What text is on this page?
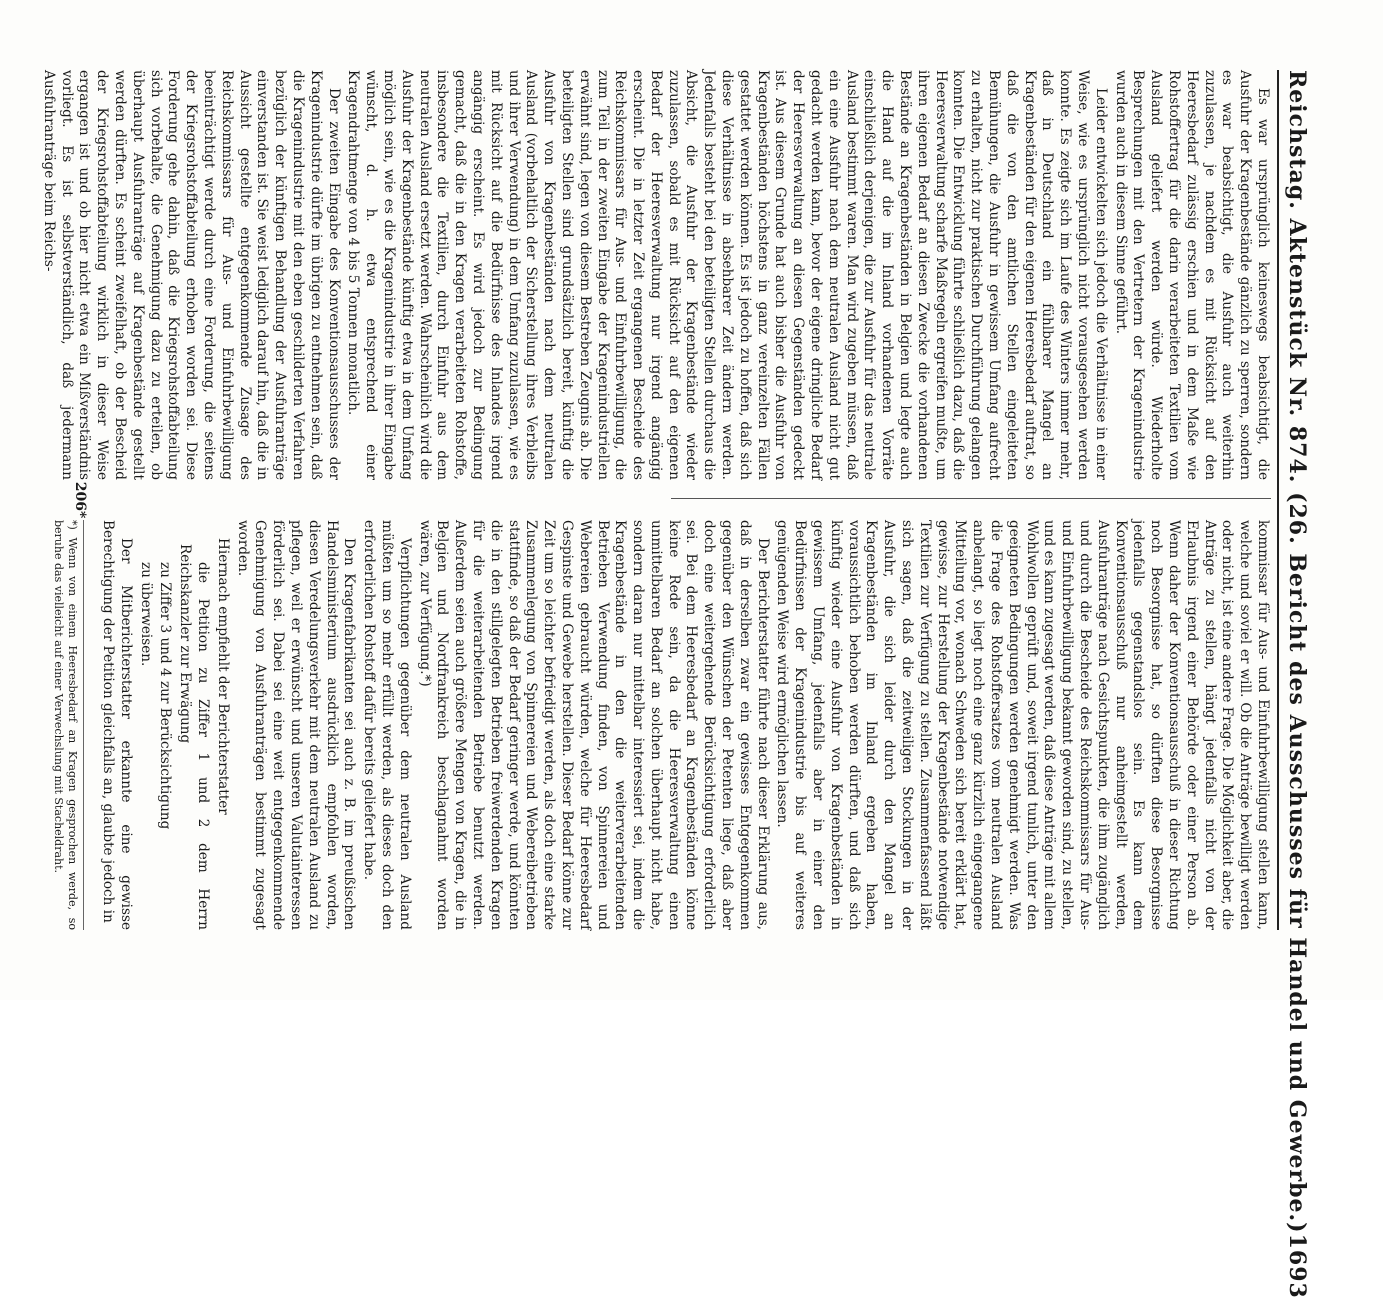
Reichstag. Aktenstück Nr. 874. (26. Bericht des Ausschusses für Handel und Gewerbe.)
1693

Es war ursprünglich keineswegs beabsichtigt, die Ausfuhr der Kragenbestände gänzlich zu sperren, sondern es war beabsichtigt, die Ausfuhr auch weiterhin zuzulassen, je nachdem es mit Rücksicht auf den Heeresbedarf zulässig erschien und in dem Maße wie Rohstoffertrag für die darin verarbeiteten Textilien vom Ausland geliefert werden würde. Wiederholte Besprechungen mit den Vertretern der Kragenindustrie wurden auch in diesem Sinne geführt.

Leider entwickelten sich jedoch die Verhältnisse in einer Weise, wie es ursprünglich nicht vorausgesehen werden konnte. Es zeigte sich im Laufe des Winters immer mehr, daß in Deutschland ein fühlbarer Mangel an Kragenbeständen für den eigenen Heeresbedarf auftrat, so daß die von den amtlichen Stellen eingeleiteten Bemühungen, die Ausfuhr in gewissem Umfang aufrecht zu erhalten, nicht zur praktischen Durchführung gelangen konnten. Die Entwicklung führte schließlich dazu, daß die Heeresverwaltung scharfe Maßregeln ergreifen mußte, um ihren eigenen Bedarf an diesen Zwecke die vorhandenen Bestände an Kragenbeständen in Belgien und legte auch die Hand auf die im Inland vorhandenen Vorräte einschließlich derjenigen, die zur Ausfuhr für das neutrale Ausland bestimmt waren. Man wird zugeben müssen, daß ein eine Ausfuhr nach dem neutralen Ausland nicht gut gedacht werden kann, bevor der eigene dringliche Bedarf der Heeresverwaltung an diesen Gegenständen gedeckt ist. Aus diesem Grunde hat auch bisher die Ausfuhr von Kragenbeständen höchstens in ganz vereinzelten Fällen gestattet werden können. Es ist jedoch zu hoffen, daß sich diese Verhältnisse in absehbarer Zeit ändern werden. Jedenfalls besteht bei den beteiligten Stellen durchaus die Absicht, die Ausfuhr der Kragenbestände wieder zuzulassen, sobald es mit Rücksicht auf den eigenen Bedarf der Heeresverwaltung nur irgend angängig erscheint. Die in letzter Zeit ergangenen Bescheide des Reichskommissars für Aus- und Einfuhrbewilligung, die zum Teil in der zweiten Eingabe der Kragenindustriellen erwähnt sind, legen von diesem Bestreben Zeugnis ab. Die beteiligten Stellen sind grundsätzlich bereit, künftig die Ausfuhr von Kragenbeständen nach dem neutralen Ausland (vorbehaltlich der Sicherstellung ihres Verbleibs und ihrer Verwendung) in dem Umfang zuzulassen, wie es mit Rücksicht auf die Bedürfnisse des Inlandes irgend angängig erscheint. Es wird jedoch zur Bedingung gemacht, daß die in den Kragen verarbeiteten Rohstoffe, insbesondere die Textilien, durch Einfuhr aus dem neutralen Ausland ersetzt werden. Wahrscheinlich wird die Ausfuhr der Kragenbestände künftig etwa in dem Umfang möglich sein, wie es die Kragenindustrie in ihrer Eingabe wünscht, d. h. etwa entsprechend einer Kragendrahtmenge von 4 bis 5 Tonnen monatlich.

Der zweiten Eingabe des Konventionsausschusses der Kragenindustrie dürfte im übrigen zu entnehmen sein, daß die Kragenindustrie mit den eben geschilderten Verfahren bezüglich der künftigen Behandlung der Ausfuhranträge einverstanden ist. Sie weist lediglich darauf hin, daß die in Aussicht gestellte entgegenkommende Zusage des Reichskommissars für Aus- und Einfuhrbewilligung beeinträchtigt werde durch eine Forderung, die seitens der Kriegsrohstoffabteilung erhoben worden sei. Diese Forderung gehe dahin, daß die Kriegsrohstoffabteilung sich vorbehalte, die Genehmigung dazu zu erteilen, ob überhaupt Ausfuhranträge auf Kragenbestände gestellt werden dürften. Es scheint zweifelhaft, ob der Bescheid der Kriegsrohstoffabteilung wirklich in dieser Weise ergangen ist und ob hier nicht etwa ein Mißverständnis vorliegt. Es ist selbstverständlich, daß jedermann Ausfuhranträge beim Reichs-

kommissar für Aus- und Einfuhrbewilligung stellen kann, welche und soviel er will. Ob die Anträge bewilligt werden oder nicht, ist eine andere Frage. Die Möglichkeit aber, die Anträge zu stellen, hängt jedenfalls nicht von der Erlaubnis irgend einer Behörde oder einer Person ab. Wenn daher der Konventionsausschuß in dieser Richtung noch Besorgnisse hat, so dürften diese Besorgnisse jedenfalls gegenstandslos sein. Es kann dem Konventionsausschuß nur anheimgestellt werden, Ausfuhranträge nach Gesichtspunkten, die ihm zugänglich und durch die Bescheide des Reichskommissars für Aus- und Einfuhrbewilligung bekannt geworden sind, zu stellen, und es kann zugesagt werden, daß diese Anträge mit allem Wohlwollen geprüft und, soweit irgend tunlich, unter den geeigneten Bedingungen werden genehmigt werden. Was die Frage des Rohstoffersatzes vom neutralen Ausland anbelangt, so liegt noch eine ganz kürzlich eingegangene Mitteilung vor, wonach Schweden sich bereit erklärt hat, gewisse, zur Herstellung der Kragenbestände notwendige Textilien zur Verfügung zu stellen. Zusammenfassend läßt sich sagen, daß die zeitweiligen Stockungen in der Ausfuhr, die sich leider durch den Mangel an Kragenbeständen im Inland ergeben haben, voraussichtlich behoben werden dürften, und daß sich künftig wieder eine Ausfuhr von Kragenbeständen in gewissem Umfang, jedenfalls aber in einer den Bedürfnissen der Kragenindustrie bis auf weiteres genügenden Weise wird ermöglichen lassen.

Der Berichterstatter führte nach dieser Erklärung aus, daß in derselben zwar ein gewisses Entgegenkommen gegenüber den Wünschen der Petenten liege, daß aber doch eine weitergehende Berücksichtigung erforderlich sei. Bei dem Heeresbedarf an Kragenbeständen könne keine Rede sein, da die Heeresverwaltung einen unmittelbaren Bedarf an solchen überhaupt nicht habe, sondern daran nur mittelbar interessiert sei, indem die Kragenbestände in den die weiterverarbeitenden Betrieben Verwendung finden, von Spinnereien und Webereien gebraucht würden, welche für Heeresbedarf Gespinste und Gewebe herstellen. Dieser Bedarf könne zur Zeit um so leichter befriedigt werden, als doch eine starke Zusammenlegung von Spinnereien und Webereibetrieben stattfinde, so daß der Bedarf geringer werde, und könnten die in den stillgelegten Betrieben freiwerdenden Kragen für die weiterarbeitenden Betriebe benutzt werden. Außerdem seien auch größere Mengen von Kragen, die in Belgien und Nordfrankreich beschlagnahmt worden wären, zur Verfügung.*)

Verpflichtungen gegenüber dem neutralen Ausland müßten um so mehr erfüllt werden, als dieses doch den erforderlichen Rohstoff dafür bereits geliefert habe.

Den Kragenfabrikanten sei auch z. B. im preußischen Handelsministerium ausdrücklich empfohlen worden, diesen Veredelungsverkehr mit dem neutralen Ausland zu pflegen, weil er erwünscht und unseren Valutainteressen förderlich sei. Dabei sei eine weit entgegenkommende Genehmigung von Ausfuhranträgen bestimmt zugesagt worden.

Hiernach empfiehlt der Berichterstatter

die Petition zu Ziffer 1 und 2 dem Herrn Reichskanzler zur Erwägung

zu Ziffer 3 und 4 zur Berücksichtigung

zu überweisen.

Der Mitberichterstatter erkannte eine gewisse Berechtigung der Petition gleichfalls an, glaubte jedoch in

*) Wenn von einem Heeresbedarf an Kragen gesprochen werde, so beruhe das vielleicht auf einer Verwechslung mit Stacheldraht.
206*
